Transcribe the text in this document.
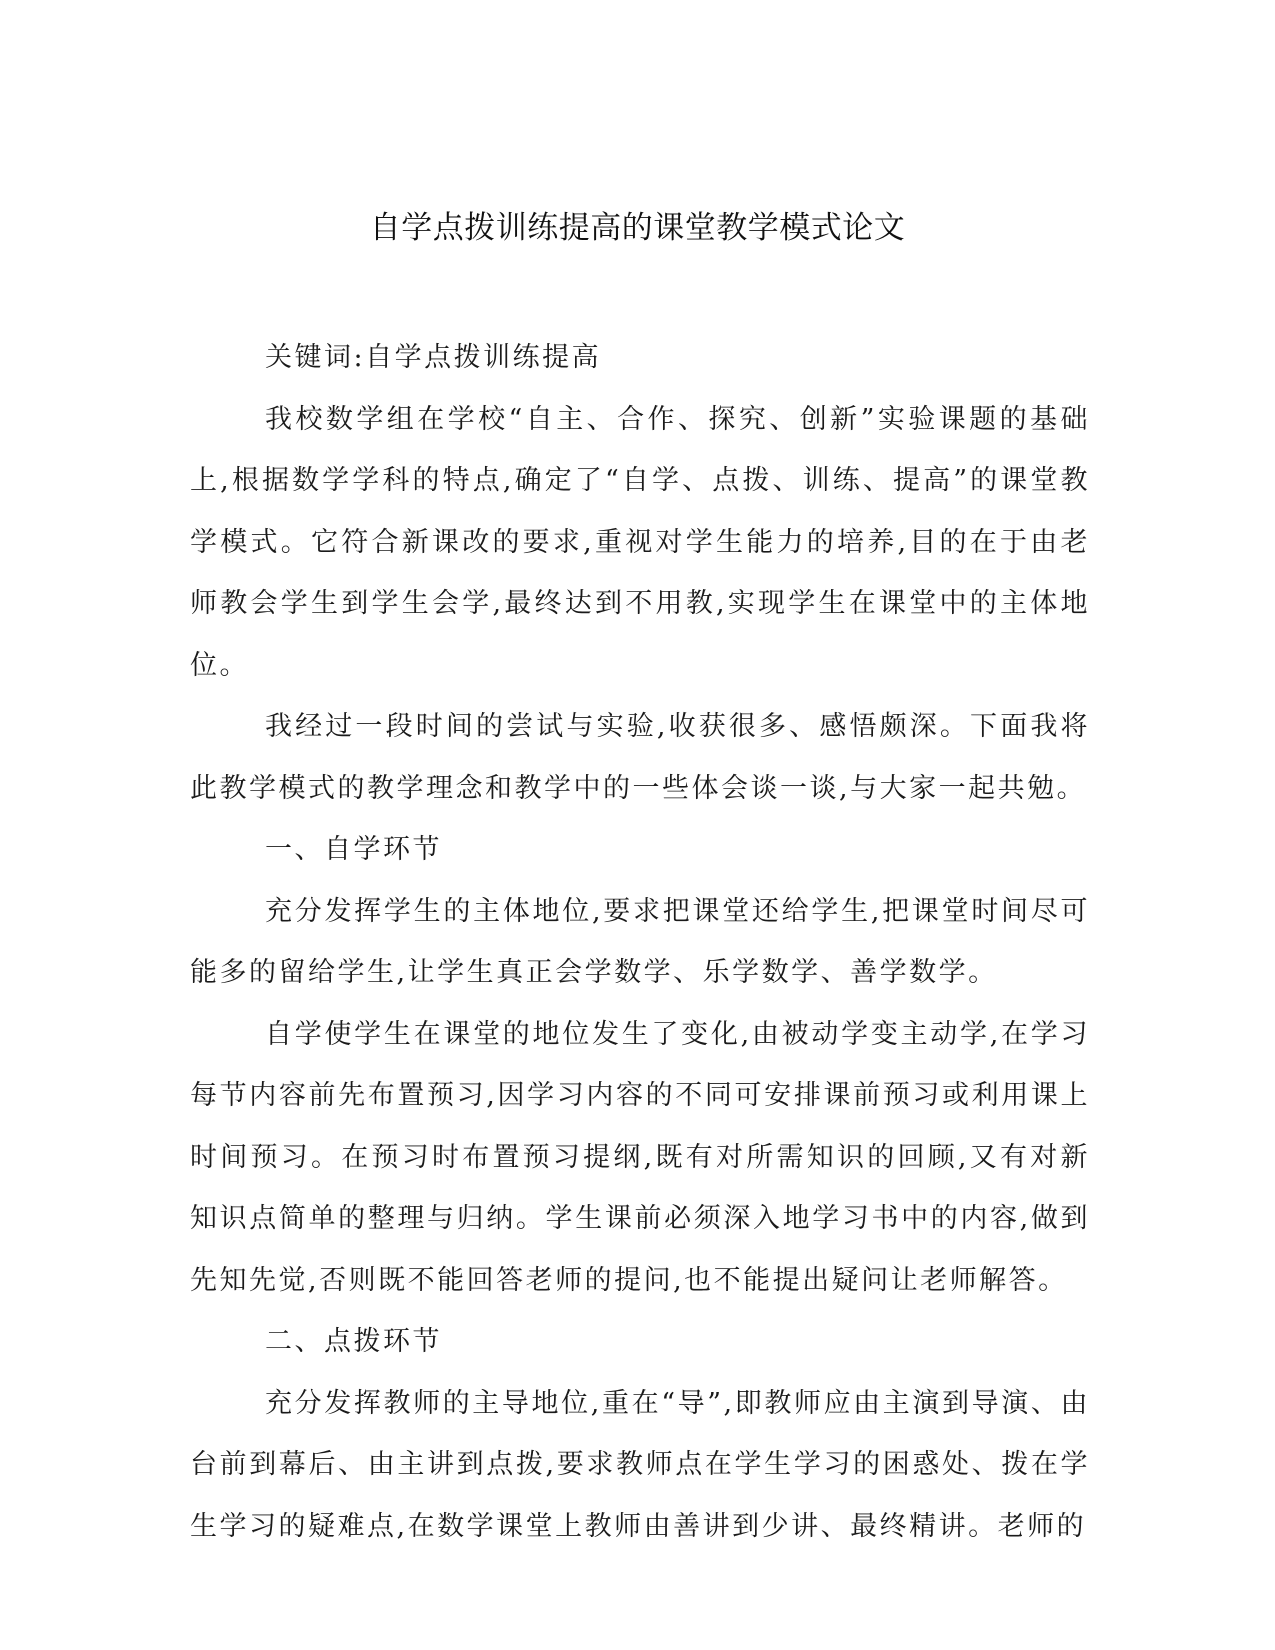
自学点拨训练提高的课堂教学模式论文

关键词:自学点拨训练提高

我校数学组在学校“自主、合作、探究、创新”实验课题的基础上,根据数学学科的特点,确定了“自学、点拨、训练、提高”的课堂教学模式。它符合新课改的要求,重视对学生能力的培养,目的在于由老师教会学生到学生会学,最终达到不用教,实现学生在课堂中的主体地位。

我经过一段时间的尝试与实验,收获很多、感悟颇深。下面我将此教学模式的教学理念和教学中的一些体会谈一谈,与大家一起共勉。

一、自学环节

充分发挥学生的主体地位,要求把课堂还给学生,把课堂时间尽可能多的留给学生,让学生真正会学数学、乐学数学、善学数学。

自学使学生在课堂的地位发生了变化,由被动学变主动学,在学习每节内容前先布置预习,因学习内容的不同可安排课前预习或利用课上时间预习。在预习时布置预习提纲,既有对所需知识的回顾,又有对新知识点简单的整理与归纳。学生课前必须深入地学习书中的内容,做到先知先觉,否则既不能回答老师的提问,也不能提出疑问让老师解答。

二、点拨环节

充分发挥教师的主导地位,重在“导”,即教师应由主演到导演、由台前到幕后、由主讲到点拨,要求教师点在学生学习的困惑处、拨在学生学习的疑难点,在数学课堂上教师由善讲到少讲、最终精讲。老师的
